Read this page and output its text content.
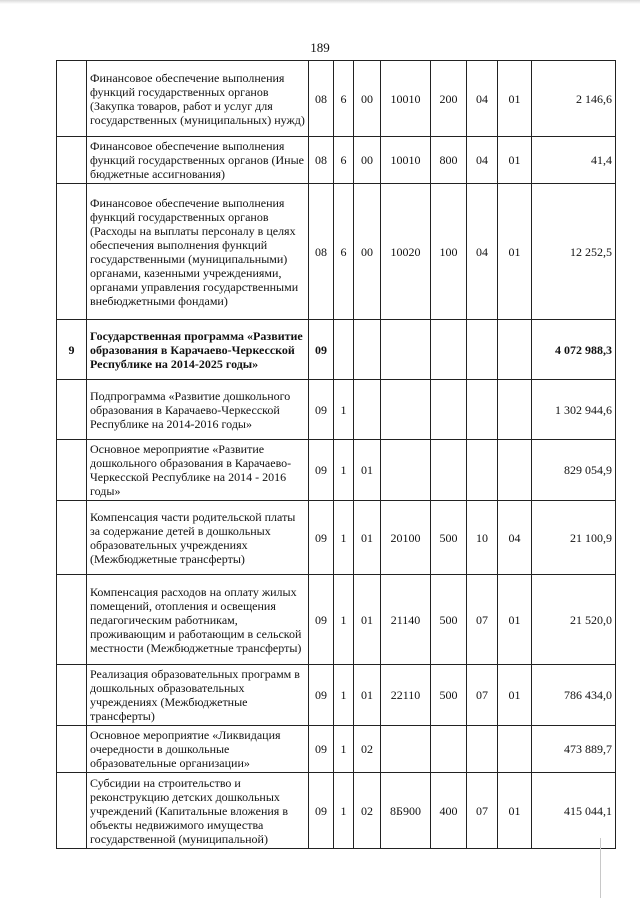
189
	Финансовое обеспечение выполнения функций государственных органов (Закупка товаров, работ и услуг для государственных (муниципальных) нужд)	08	6	00	10010	200	04	01	2 146,6
	Финансовое обеспечение выполнения функций государственных органов (Иные бюджетные ассигнования)	08	6	00	10010	800	04	01	41,4
	Финансовое обеспечение выполнения функций государственных органов (Расходы на выплаты персоналу в целях обеспечения выполнения функций государственными (муниципальными) органами, казенными учреждениями, органами управления государственными внебюджетными фондами)	08	6	00	10020	100	04	01	12 252,5
9	Государственная программа «Развитие образования в Карачаево-Черкесской Республике на 2014-2025 годы»	09							4 072 988,3
	Подпрограмма «Развитие дошкольного образования в Карачаево-Черкесской Республике на 2014-2016 годы»	09	1						1 302 944,6
	Основное мероприятие «Развитие дошкольного образования в Карачаево-Черкесской Республике на 2014 - 2016 годы»	09	1	01					829 054,9
	Компенсация части родительской платы за содержание детей в дошкольных образовательных учреждениях (Межбюджетные трансферты)	09	1	01	20100	500	10	04	21 100,9
	Компенсация расходов на оплату жилых помещений, отопления и освещения педагогическим работникам, проживающим и работающим в сельской местности (Межбюджетные трансферты)	09	1	01	21140	500	07	01	21 520,0
	Реализация образовательных программ в дошкольных образовательных учреждениях (Межбюджетные трансферты)	09	1	01	22110	500	07	01	786 434,0
	Основное мероприятие «Ликвидация очередности в дошкольные образовательные организации»	09	1	02					473 889,7
	Субсидии на строительство и реконструкцию детских дошкольных учреждений (Капитальные вложения в объекты недвижимого имущества государственной (муниципальной)	09	1	02	8Б900	400	07	01	415 044,1
